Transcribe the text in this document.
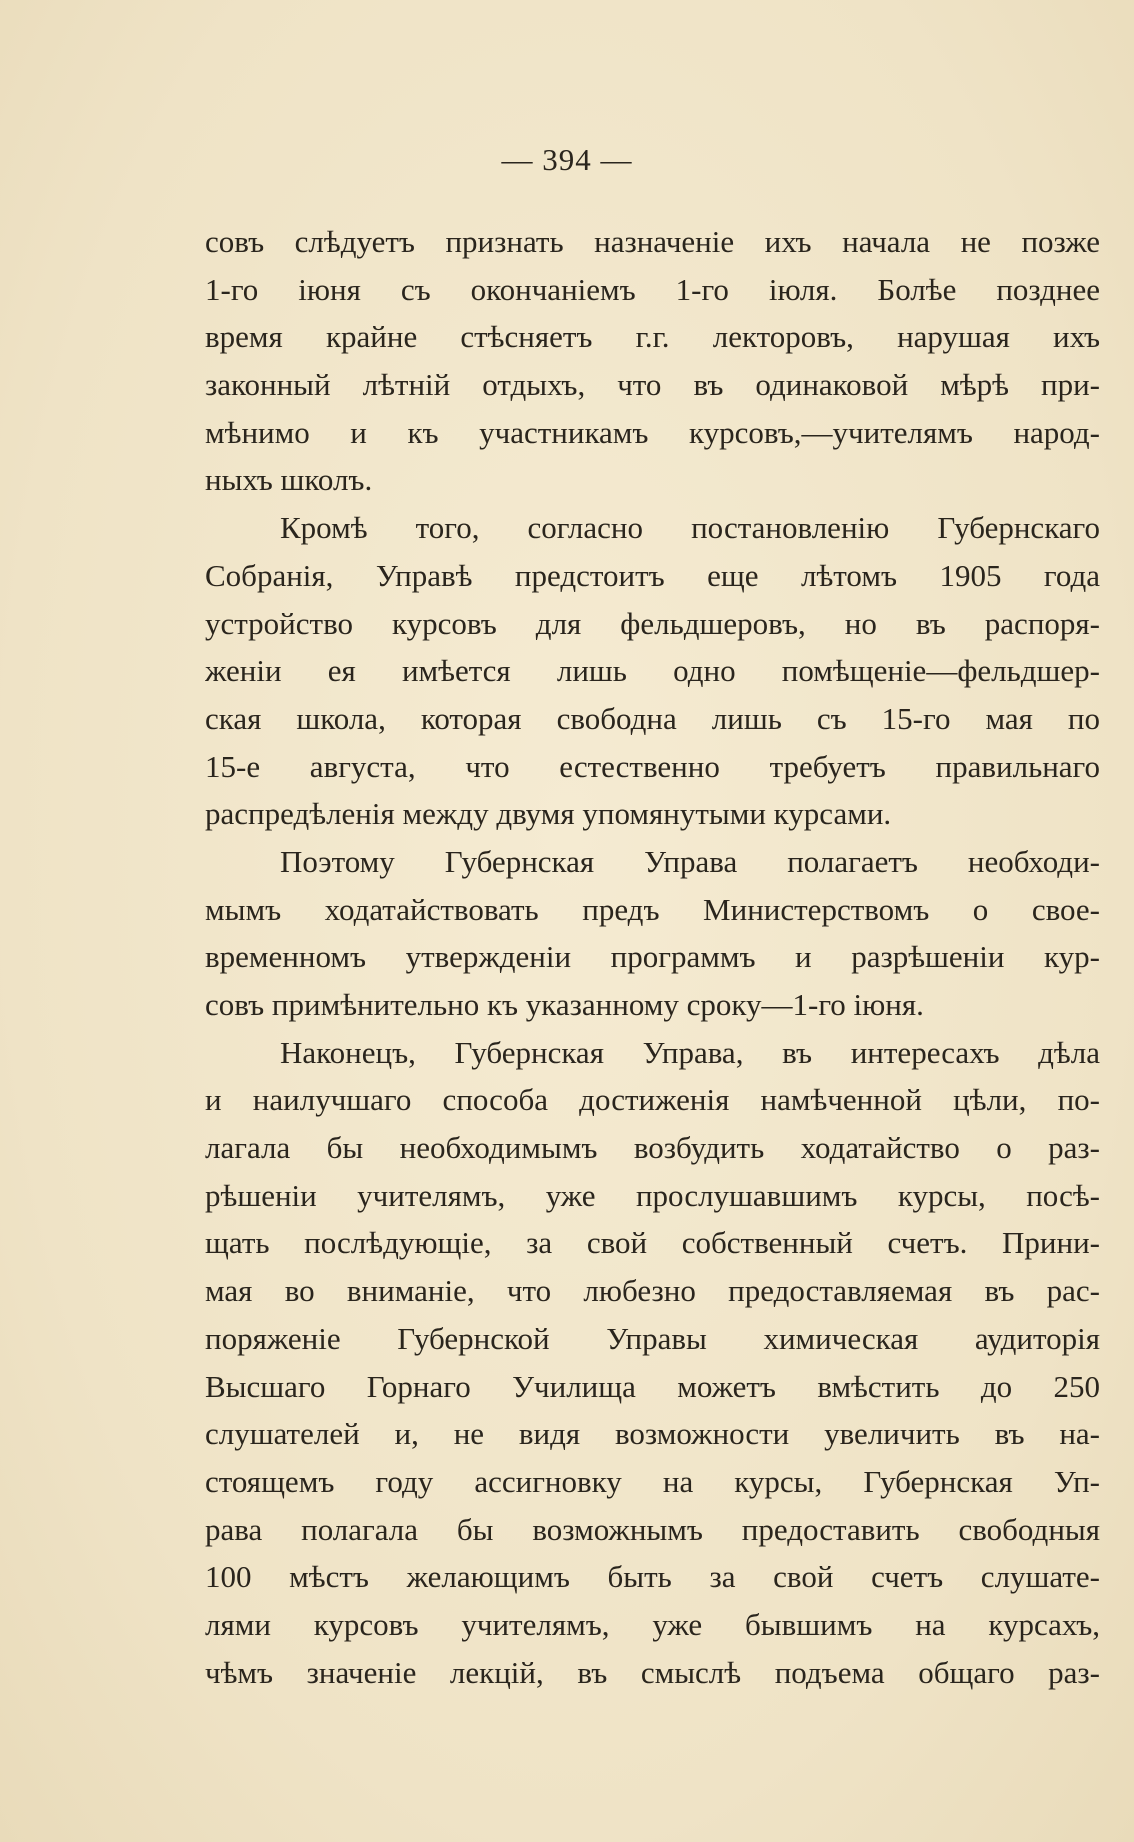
— 394 —
совъ слѣдуетъ признать назначеніе ихъ начала не позже
1-го іюня съ окончаніемъ 1-го іюля. Болѣе позднее
время крайне стѣсняетъ г.г. лекторовъ, нарушая ихъ
законный лѣтній отдыхъ, что въ одинаковой мѣрѣ при-
мѣнимо и къ участникамъ курсовъ,—учителямъ народ-
ныхъ школъ.
Кромѣ того, согласно постановленію Губернскаго
Собранія, Управѣ предстоитъ еще лѣтомъ 1905 года
устройство курсовъ для фельдшеровъ, но въ распоря-
женіи ея имѣется лишь одно помѣщеніе—фельдшер-
ская школа, которая свободна лишь съ 15-го мая по
15-е августа, что естественно требуетъ правильнаго
распредѣленія между двумя упомянутыми курсами.
Поэтому Губернская Управа полагаетъ необходи-
мымъ ходатайствовать предъ Министерствомъ о свое-
временномъ утвержденіи программъ и разрѣшеніи кур-
совъ примѣнительно къ указанному срoку—1-го іюня.
Наконецъ, Губернская Управа, въ интересахъ дѣла
и наилучшаго способа достиженія намѣченной цѣли, по-
лагала бы необходимымъ возбудить ходатайство о раз-
рѣшеніи учителямъ, уже прослушавшимъ курсы, посѣ-
щать послѣдующіе, за свой собственный счетъ. Прини-
мая во вниманіе, что любезно предоставляемая въ рас-
поряженіе Губернской Управы химическая аудиторія
Высшаго Горнаго Училища можетъ вмѣстить до 250
слушателей и, не видя возможности увеличить въ на-
стоящемъ году ассигновку на курсы, Губернская Уп-
рава полагала бы возможнымъ предоставить свободныя
100 мѣстъ желающимъ быть за свой счетъ слушате-
лями курсовъ учителямъ, уже бывшимъ на курсахъ,
чѣмъ значеніе лекцій, въ смыслѣ подъема общаго раз-
